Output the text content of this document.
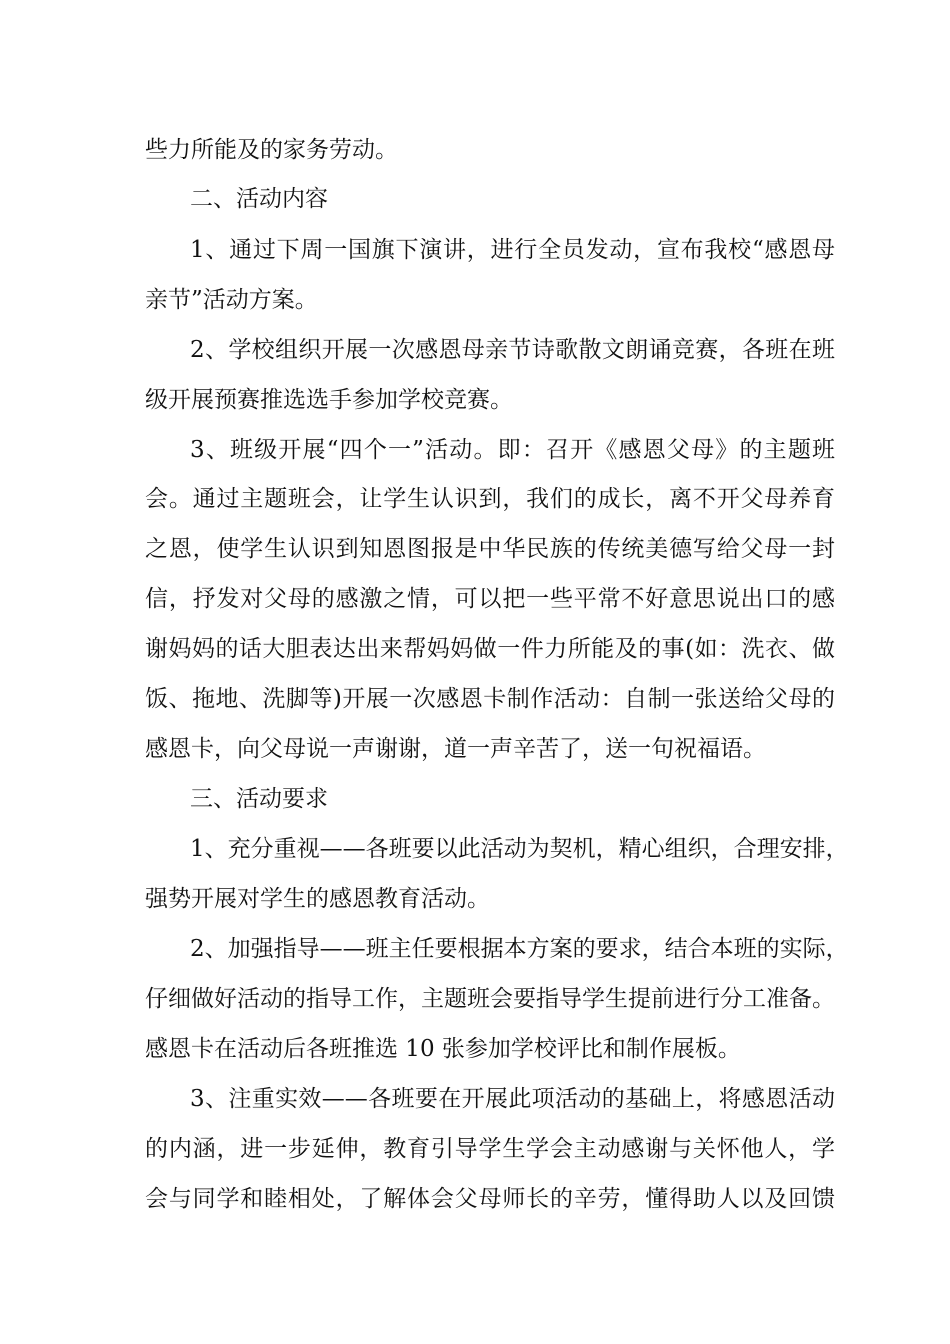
些力所能及的家务劳动。
二、活动内容
1、通过下周一国旗下演讲，进行全员发动，宣布我校“感恩母
亲节”活动方案。
2、学校组织开展一次感恩母亲节诗歌散文朗诵竞赛，各班在班
级开展预赛推选选手参加学校竞赛。
3、班级开展“四个一”活动。即：召开《感恩父母》的主题班
会。通过主题班会，让学生认识到，我们的成长，离不开父母养育
之恩，使学生认识到知恩图报是中华民族的传统美德写给父母一封
信，抒发对父母的感激之情，可以把一些平常不好意思说出口的感
谢妈妈的话大胆表达出来帮妈妈做一件力所能及的事(如：洗衣、做
饭、拖地、洗脚等)开展一次感恩卡制作活动：自制一张送给父母的
感恩卡，向父母说一声谢谢，道一声辛苦了，送一句祝福语。
三、活动要求
1、充分重视——各班要以此活动为契机，精心组织，合理安排，
强势开展对学生的感恩教育活动。
2、加强指导——班主任要根据本方案的要求，结合本班的实际，
仔细做好活动的指导工作，主题班会要指导学生提前进行分工准备。
感恩卡在活动后各班推选 10 张参加学校评比和制作展板。
3、注重实效——各班要在开展此项活动的基础上，将感恩活动
的内涵，进一步延伸，教育引导学生学会主动感谢与关怀他人，学
会与同学和睦相处，了解体会父母师长的辛劳，懂得助人以及回馈
